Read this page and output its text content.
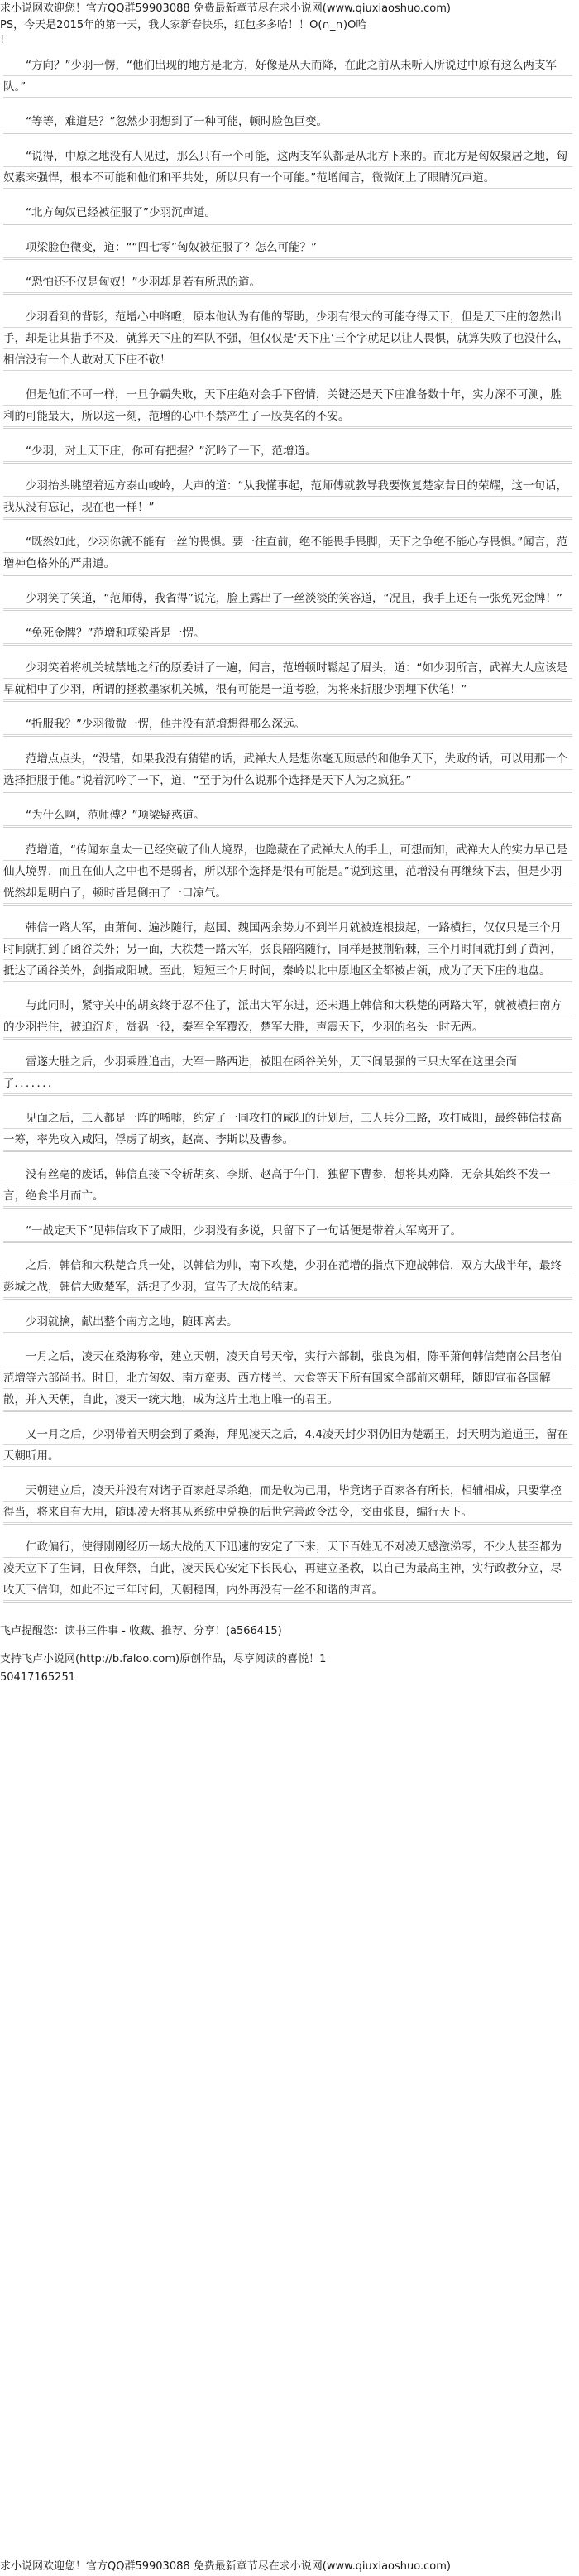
求小说网欢迎您！官方QQ群59903088 免费最新章节尽在求小说网(www.qiuxiaoshuo.com)
PS，今天是2015年的第一天，我大家新春快乐，红包多多哈！！O(∩_∩)O哈
!
　　“方向？”少羽一愣，“他们出现的地方是北方，好像是从天而降，在此之前从未听人所说过中原有这么两支军队。”
　　“等等，难道是？”忽然少羽想到了一种可能，顿时脸色巨变。
　　“说得，中原之地没有人见过，那么只有一个可能，这两支军队都是从北方下来的。而北方是匈奴聚居之地，匈奴素来强悍，根本不可能和他们和平共处，所以只有一个可能。”范增闻言，微微闭上了眼睛沉声道。
　　“北方匈奴已经被征服了”少羽沉声道。
　　项梁脸色微变，道：““四七零”匈奴被征服了？怎么可能？”
　　“恐怕还不仅是匈奴！”少羽却是若有所思的道。
　　少羽看到的背影，范增心中咯噔，原本他认为有他的帮助，少羽有很大的可能夺得天下，但是天下庄的忽然出手，却是让其措手不及，就算天下庄的军队不强，但仅仅是‘天下庄’三个字就足以让人畏惧，就算失败了也没什么，相信没有一个人敢对天下庄不敬！
　　但是他们不可一样，一旦争霸失败，天下庄绝对会手下留情，关键还是天下庄准备数十年，实力深不可测，胜利的可能最大，所以这一刻，范增的心中不禁产生了一股莫名的不安。
　　“少羽，对上天下庄，你可有把握？”沉吟了一下，范增道。
　　少羽抬头眺望着远方泰山峻岭，大声的道：“从我懂事起，范师傅就教导我要恢复楚家昔日的荣耀，这一句话，我从没有忘记，现在也一样！”
　　“既然如此，少羽你就不能有一丝的畏惧。要一往直前，绝不能畏手畏脚，天下之争绝不能心存畏惧。”闻言，范增神色格外的严肃道。
　　少羽笑了笑道，“范师傅，我省得”说完，脸上露出了一丝淡淡的笑容道，“况且，我手上还有一张免死金牌！”
　　“免死金牌？”范增和项梁皆是一愣。
　　少羽笑着将机关城禁地之行的原委讲了一遍，闻言，范增顿时鬆起了眉头，道：“如少羽所言，武禅大人应该是早就相中了少羽，所谓的拯救墨家机关城，很有可能是一道考验，为将来折服少羽埋下伏笔！”
　　“折服我？”少羽微微一愣，他并没有范增想得那么深远。
　　范增点点头，“没错，如果我没有猜错的话，武禅大人是想你毫无顾忌的和他争天下，失败的话，可以用那一个选择拒服于他。”说着沉吟了一下，道，“至于为什么说那个选择是天下人为之疯狂。”
　　“为什么啊，范师傅？”项梁疑惑道。
　　范增道，“传闻东皇太一已经突破了仙人境界，也隐藏在了武禅大人的手上，可想而知，武禅大人的实力早已是仙人境界，而且在仙人之中也不是弱者，所以那个选择是很有可能是。”说到这里，范增没有再继续下去，但是少羽恍然却是明白了，顿时皆是倒抽了一口凉气。
　　韩信一路大军，由萧何、遍沙随行，赵国、魏国两余势力不到半月就被连根拔起，一路横扫，仅仅只是三个月时间就打到了函谷关外；另一面，大秩楚一路大军，张良陪陪随行，同样是披荆斩棘，三个月时间就打到了黄河，抵达了函谷关外，剑指咸阳城。至此，短短三个月时间，秦岭以北中原地区全都被占领，成为了天下庄的地盘。
　　与此同时，紧守关中的胡亥终于忍不住了，派出大军东进，还未遇上韩信和大秩楚的两路大军，就被横扫南方的少羽拦住，被迫沉舟，赏祸一役，秦军全军覆没，楚军大胜，声震天下，少羽的名头一时无两。
　　雷遂大胜之后，少羽乘胜追击，大军一路西进，被阻在函谷关外，天下间最强的三只大军在这里会面了．．．．．．．
　　见面之后，三人都是一阵的唏嘘，约定了一同攻打的咸阳的计划后，三人兵分三路，攻打咸阳，最终韩信技高一筹，率先攻入咸阳，俘虏了胡亥，赵高、李斯以及曹参。
　　没有丝毫的废话，韩信直接下令斩胡亥、李斯、赵高于午门，独留下曹参，想将其劝降，无奈其始终不发一言，绝食半月而亡。
　　“一战定天下”见韩信攻下了咸阳，少羽没有多说，只留下了一句话便是带着大军离开了。
　　之后，韩信和大秩楚合兵一处，以韩信为帅，南下攻楚，少羽在范增的指点下迎战韩信，双方大战半年，最终彭城之战，韩信大败楚军，活捉了少羽，宣告了大战的结束。
　　少羽就擒，献出整个南方之地，随即离去。
　　一月之后，凌天在桑海称帝，建立天朝，凌天自号天帝，实行六部制，张良为相，陈平萧何韩信楚南公吕老伯范增等六部尚书。时日，北方匈奴、南方蛮夷、西方楼兰、大食等天下所有国家全部前来朝拜，随即宣布各国解散，并入天朝，自此，凌天一统大地，成为这片土地上唯一的君王。
　　又一月之后，少羽带着天明会到了桑海，拜见凌天之后，4.4凌天封少羽仍旧为楚霸王，封天明为道道王，留在天朝听用。
　　天朝建立后，凌天并没有对诸子百家赶尽杀绝，而是收为己用，毕竟诸子百家各有所长，相辅相成，只要掌控得当，将来自有大用，随即凌天将其从系统中兑换的后世完善政令法令，交由张良，编行天下。
　　仁政偏行，使得刚刚经历一场大战的天下迅速的安定了下来，天下百姓无不对凌天感激涕零，不少人甚至都为凌天立下了生词，日夜拜祭，自此，凌天民心安定下长民心，再建立圣教，以自己为最高主神，实行政教分立，尽收天下信仰，如此不过三年时间，天朝稳固，内外再没有一丝不和谐的声音。
飞卢提醒您：读书三件事 - 收藏、推荐、分享！(a566415)
支持飞卢小说网(http://b.faloo.com)原创作品，尽享阅读的喜悦！1
50417165251
求小说网欢迎您！官方QQ群59903088 免费最新章节尽在求小说网(www.qiuxiaoshuo.com)
